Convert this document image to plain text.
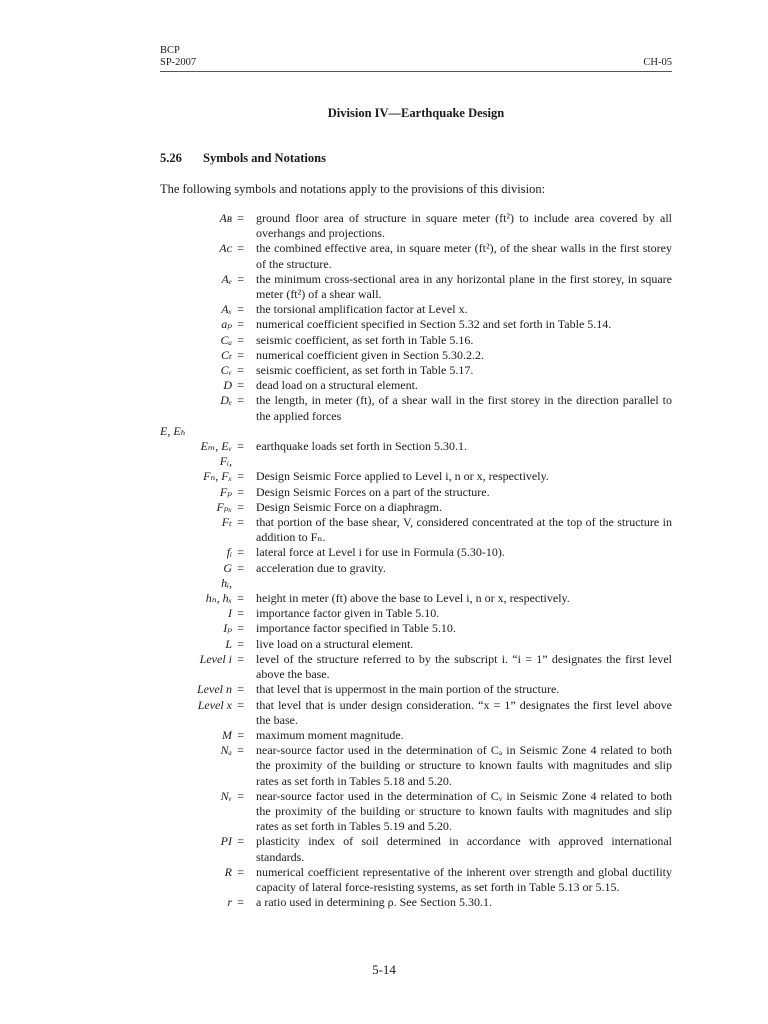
BCP
SP-2007	CH-05
Division IV—Earthquake Design
5.26 Symbols and Notations
The following symbols and notations apply to the provisions of this division:
Aʙ =	ground floor area of structure in square meter (ft²) to include area covered by all overhangs and projections.
Aᴄ =	the combined effective area, in square meter (ft²), of the shear walls in the first storey of the structure.
Aₑ =	the minimum cross-sectional area in any horizontal plane in the first storey, in square meter (ft²) of a shear wall.
Aₓ =	the torsional amplification factor at Level x.
aₚ =	numerical coefficient specified in Section 5.32 and set forth in Table 5.14.
Cₐ =	seismic coefficient, as set forth in Table 5.16.
Cₜ =	numerical coefficient given in Section 5.30.2.2.
Cᵥ =	seismic coefficient, as set forth in Table 5.17.
D =	dead load on a structural element.
Dₑ =	the length, in meter (ft), of a shear wall in the first storey in the direction parallel to the applied forces
E, Eₕ
Eₘ, Eᵥ =	earthquake loads set forth in Section 5.30.1.
Fᵢ,
Fₙ, Fₓ =	Design Seismic Force applied to Level i, n or x, respectively.
Fₚ =	Design Seismic Forces on a part of the structure.
Fₚₓ =	Design Seismic Force on a diaphragm.
Fₜ =	that portion of the base shear, V, considered concentrated at the top of the structure in addition to Fₙ.
fᵢ =	lateral force at Level i for use in Formula (5.30-10).
G =	acceleration due to gravity.
hᵢ,
hₙ, hₓ =	height in meter (ft) above the base to Level i, n or x, respectively.
I =	importance factor given in Table 5.10.
Iₚ =	importance factor specified in Table 5.10.
L =	live load on a structural element.
Level i =	level of the structure referred to by the subscript i. “i = 1” designates the first level above the base.
Level n =	that level that is uppermost in the main portion of the structure.
Level x =	that level that is under design consideration. “x = 1” designates the first level above the base.
M =	maximum moment magnitude.
Nₐ =	near-source factor used in the determination of Cₐ in Seismic Zone 4 related to both the proximity of the building or structure to known faults with magnitudes and slip rates as set forth in Tables 5.18 and 5.20.
Nᵥ =	near-source factor used in the determination of Cᵥ in Seismic Zone 4 related to both the proximity of the building or structure to known faults with magnitudes and slip rates as set forth in Tables 5.19 and 5.20.
PI =	plasticity index of soil determined in accordance with approved international standards.
R =	numerical coefficient representative of the inherent over strength and global ductility capacity of lateral force-resisting systems, as set forth in Table 5.13 or 5.15.
r =	a ratio used in determining ρ. See Section 5.30.1.
5-14
